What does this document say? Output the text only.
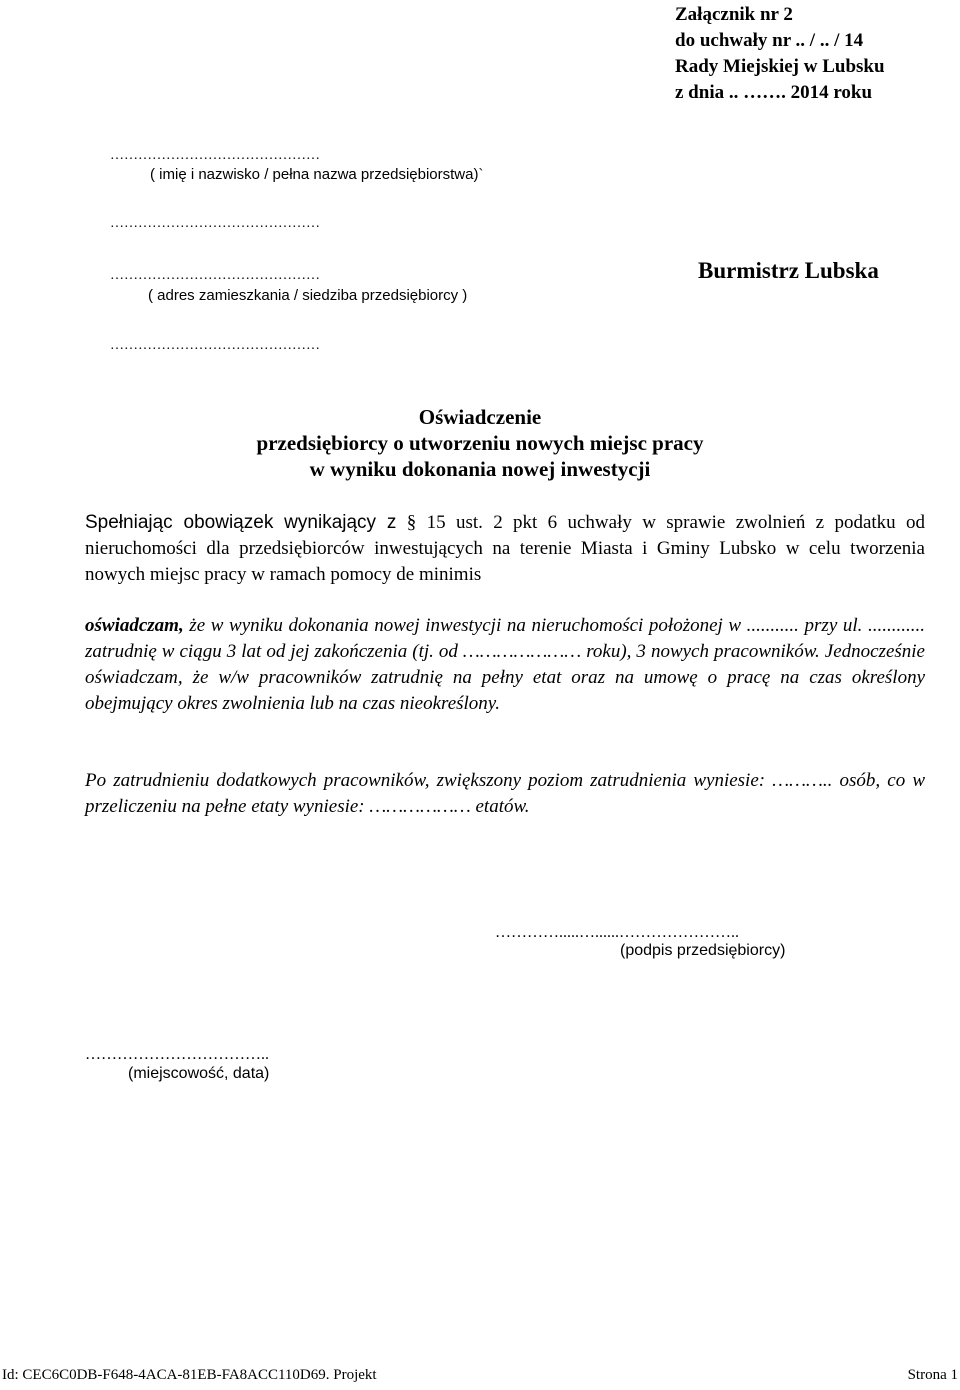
Załącznik nr 2
do uchwały nr .. / .. / 14
Rady Miejskiej w Lubsku
z dnia .. ……. 2014 roku
………………………………………
( imię i nazwisko / pełna nazwa przedsiębiorstwa)`
………………………………………
………………………………………
( adres zamieszkania / siedziba przedsiębiorcy )
………………………………………
Burmistrz Lubska
Oświadczenie
przedsiębiorcy o utworzeniu nowych miejsc pracy
w wyniku dokonania nowej inwestycji
Spełniając obowiązek wynikający z § 15 ust. 2 pkt 6 uchwały w sprawie zwolnień z podatku od nieruchomości dla przedsiębiorców inwestujących na terenie Miasta i Gminy Lubsko w celu tworzenia nowych miejsc pracy w ramach pomocy de minimis
oświadczam, że w wyniku dokonania nowej inwestycji na nieruchomości położonej w ........... przy ul. ............ zatrudnię w ciągu 3 lat od jej zakończenia (tj. od ………………… roku), 3 nowych pracowników. Jednocześnie oświadczam, że w/w pracowników zatrudnię na pełny etat oraz na umowę o pracę na czas określony obejmujący okres zwolnienia lub na czas nieokreślony.
Po zatrudnieniu dodatkowych pracowników, zwiększony poziom zatrudnienia wyniesie: ……….. osób, co w przeliczeniu na pełne etaty wyniesie: ……………… etatów.
………….....…......…………………..
(podpis przedsiębiorcy)
……………………………..
(miejscowość, data)
Id: CEC6C0DB-F648-4ACA-81EB-FA8ACC110D69. Projekt	Strona 1
